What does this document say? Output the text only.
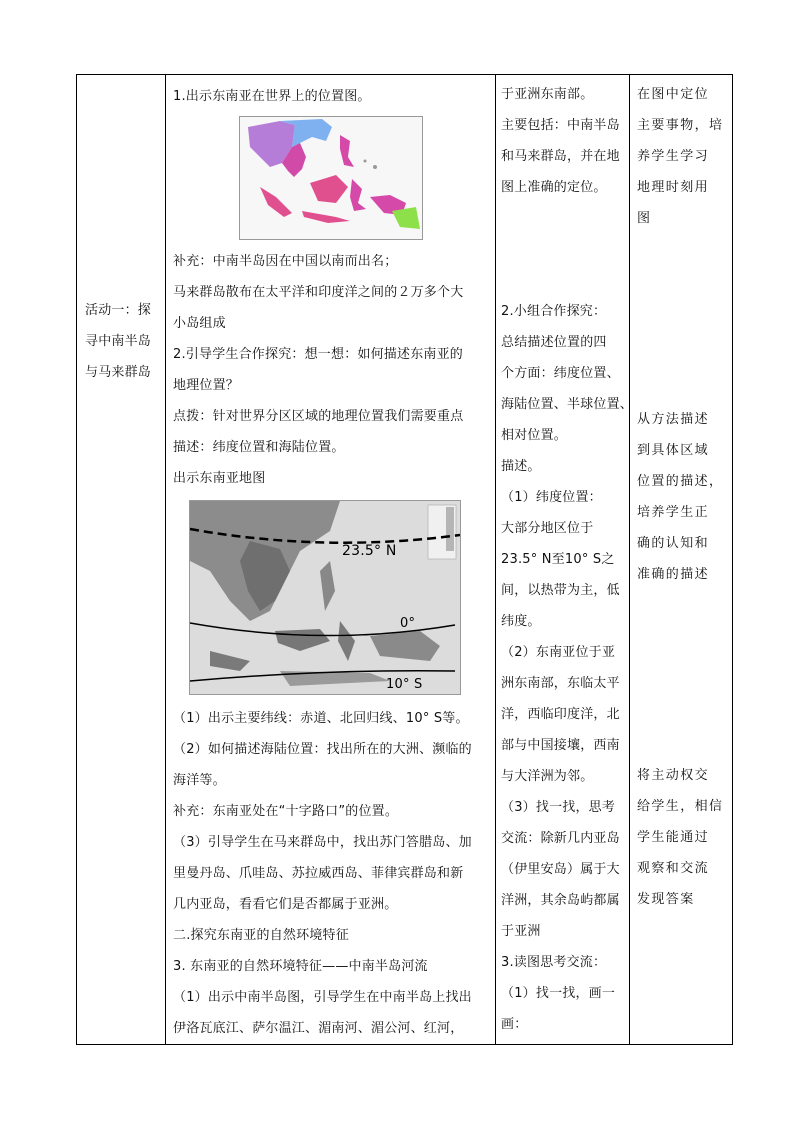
活动一：探
寻中南半岛
与马来群岛

1.出示东南亚在世界上的位置图。
补充：中南半岛因在中国以南而出名；
马来群岛散布在太平洋和印度洋之间的２万多个大
小岛组成
2.引导学生合作探究：想一想：如何描述东南亚的
地理位置？
点拨：针对世界分区区域的地理位置我们需要重点
描述：纬度位置和海陆位置。
出示东南亚地图
23.5° N
0°
10° S
（1）出示主要纬线：赤道、北回归线、10° S等。
（2）如何描述海陆位置：找出所在的大洲、濒临的
海洋等。
补充：东南亚处在“十字路口”的位置。
（3）引导学生在马来群岛中，找出苏门答腊岛、加
里曼丹岛、爪哇岛、苏拉威西岛、菲律宾群岛和新
几内亚岛，看看它们是否都属于亚洲。
二.探究东南亚的自然环境特征
3. 东南亚的自然环境特征——中南半岛河流
（1）出示中南半岛图，引导学生在中南半岛上找出
伊洛瓦底江、萨尔温江、湄南河、湄公河、红河，

于亚洲东南部。
主要包括：中南半岛
和马来群岛，并在地
图上准确的定位。
2.小组合作探究：
总结描述位置的四
个方面：纬度位置、
海陆位置、半球位置、
相对位置。
描述。
（1）纬度位置：
大部分地区位于
23.5° N至10° S之
间，以热带为主，低
纬度。
（2）东南亚位于亚
洲东南部，东临太平
洋，西临印度洋，北
部与中国接壤，西南
与大洋洲为邻。
（3）找一找，思考
交流：除新几内亚岛
（伊里安岛）属于大
洋洲，其余岛屿都属
于亚洲
3.读图思考交流：
（1）找一找，画一
画：

在图中定位
主要事物，培
养学生学习
地理时刻用
图
从方法描述
到具体区域
位置的描述，
培养学生正
确的认知和
准确的描述
将主动权交
给学生，相信
学生能通过
观察和交流
发现答案
